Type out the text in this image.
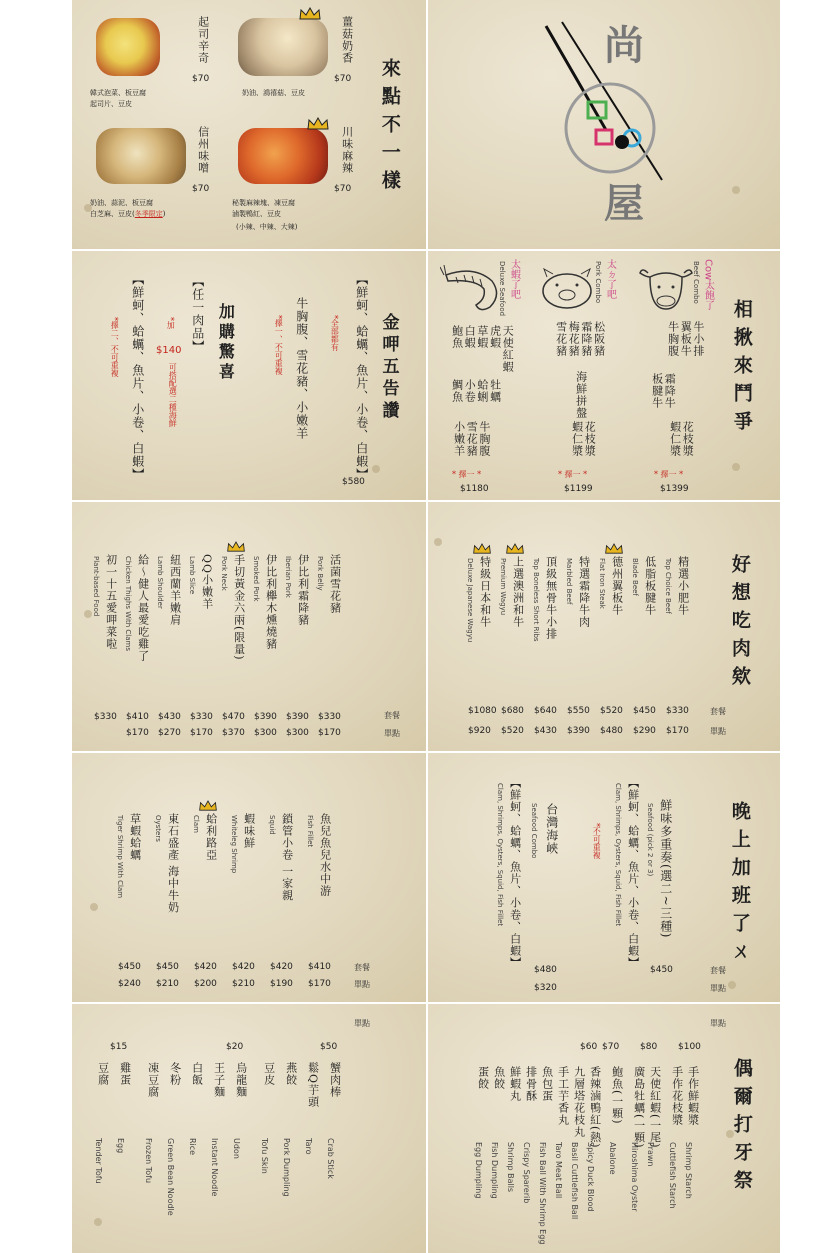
起司辛奇
$70
韓式泡菜、板豆腐
起司片、豆皮
薑菇奶香
$70
奶油、鴻禧菇、豆皮
信州味噌
$70
奶油、蒜泥、板豆腐
白芝麻、豆皮(冬季限定)
川味麻辣
$70
秘製麻辣塊、凍豆腐
滷製鴨紅、豆皮
(小辣、中辣、大辣)
來點不一樣
尚
屋
金呷五告讚
【鮮蚵、蛤蠣、魚片、小卷、白蝦】
*全部都有
牛胸腹、雪花豬、小嫩羊
*擇一、不可重複
$580
加購驚喜
【任一肉品】
*加
$140
可搭配選二種海鮮
【鮮蚵、蛤蠣、魚片、小卷、白蝦】
*擇二、不可重複	相揪來鬥爭
Cow太飽了
Beef Combo
牛小排
翼板牛
牛胸腹
霜降牛
板腱牛
花枝漿
蝦仁漿
* 擇一 *
$1399
太ㄉ了吧
Pork Combo
松阪豬
霜降豬
梅花豬
雪花豬
海鮮拼盤
花枝漿
蝦仁漿
* 擇一 *
$1199
太蝦了吧
Deluxe Seafood
天使紅蝦
虎蝦
草蝦
白蝦
鮑魚
牡蠣
蛤蜊
小卷
鯛魚
牛胸腹
雪花豬
小嫩羊
* 擇一 *
$1180
套餐
單點
活菌雪花豬
Pork Belly
$330
$170
伊比利霜降豬
Iberian Pork
$390
$300
伊比利櫸木燻燒豬
Smoked Pork
$390
$300
手切黃金六兩(限量)
Pork Neck
$470
$370
QQ小嫩羊
Lamb Slice
$330
$170
紐西蘭羊嫩肩
Lamb Shoulder
$430
$270
給～健人最愛吃雞了
Chicken Thighs With Clams
$410
$170
初一十五愛呷菜啦
Plant-based Food
$330
好想吃肉欸
套餐
單點
精選小肥牛
Top Choice Beef
$330
$170
低脂板腱牛
Blade Beef
$450
$290
德州翼板牛
Flat Iron Steak
$520
$480
特選霜降牛肉
Marbled Beef
$550
$390
頂級無骨牛小排
Top Boneless Short Ribs
$640
$430
上選澳洲和牛
Premium Wagyu
$680
$520
特級日本和牛
Deluxe Japanese Wagyu
$1080
$920
套餐
單點
魚兒魚兒水中游
Fish Fillet
$410
$170
鎖管小卷 一家親
Squid
$420
$190
蝦味鮮
Whiteleg Shrimp
$420
$210
蛤利路亞
Clam
$420
$200
東石盛產 海中牛奶
Oysters
$450
$210
草蝦蛤蠣
Tiger Shrimp With Clam
$450
$240
晚上加班了ㄨ
套餐
單點
鮮味多重奏(選二~三種)
Seafood (pick 2 or 3)
【鮮蚵、蛤蠣、魚片、小卷、白蝦】
Clam, Shrimps, Oysters, Squid, Fish Fillet
*不可重複
$450
台灣海峽
Seafood Combo
【鮮蚵、蛤蠣、魚片、小卷、白蝦】
Clam, Shrimps, Oysters, Squid, Fish Fillet
$480
$320
單點
$50
蟹肉棒
Crab Stick
鬆Q芋頭
Taro
燕餃
Pork Dumpling
豆皮
Tofu Skin
$20
烏龍麵
Udon
王子麵
Instant Noodle
白飯
Rice
冬粉
Green Bean Noodle
凍豆腐
Frozen Tofu
$15
雞蛋
Egg
豆腐
Tender Tofu	偶爾打牙祭
單點
$100
手作鮮蝦漿
Shrimp Starch
手作花枝漿
Cuttlefish Starch
$80
天使紅蝦(一尾)
Prawn
廣島牡蠣(一顆)
Hiroshima Oyster
$70
鮑魚(一顆)
Abalone
$60
香辣滷鴨紅(熱)
Spicy Duck Blood
九層塔花枝丸
Basil Cuttlefish Ball
手工芋香丸
Taro Meat Ball
魚包蛋
Fish Ball With Shrimp Egg
排骨酥
Crispy Sparerib
鮮蝦丸
Shrimp Balls
魚餃
Fish Dumpling
蛋餃
Egg Dumpling
